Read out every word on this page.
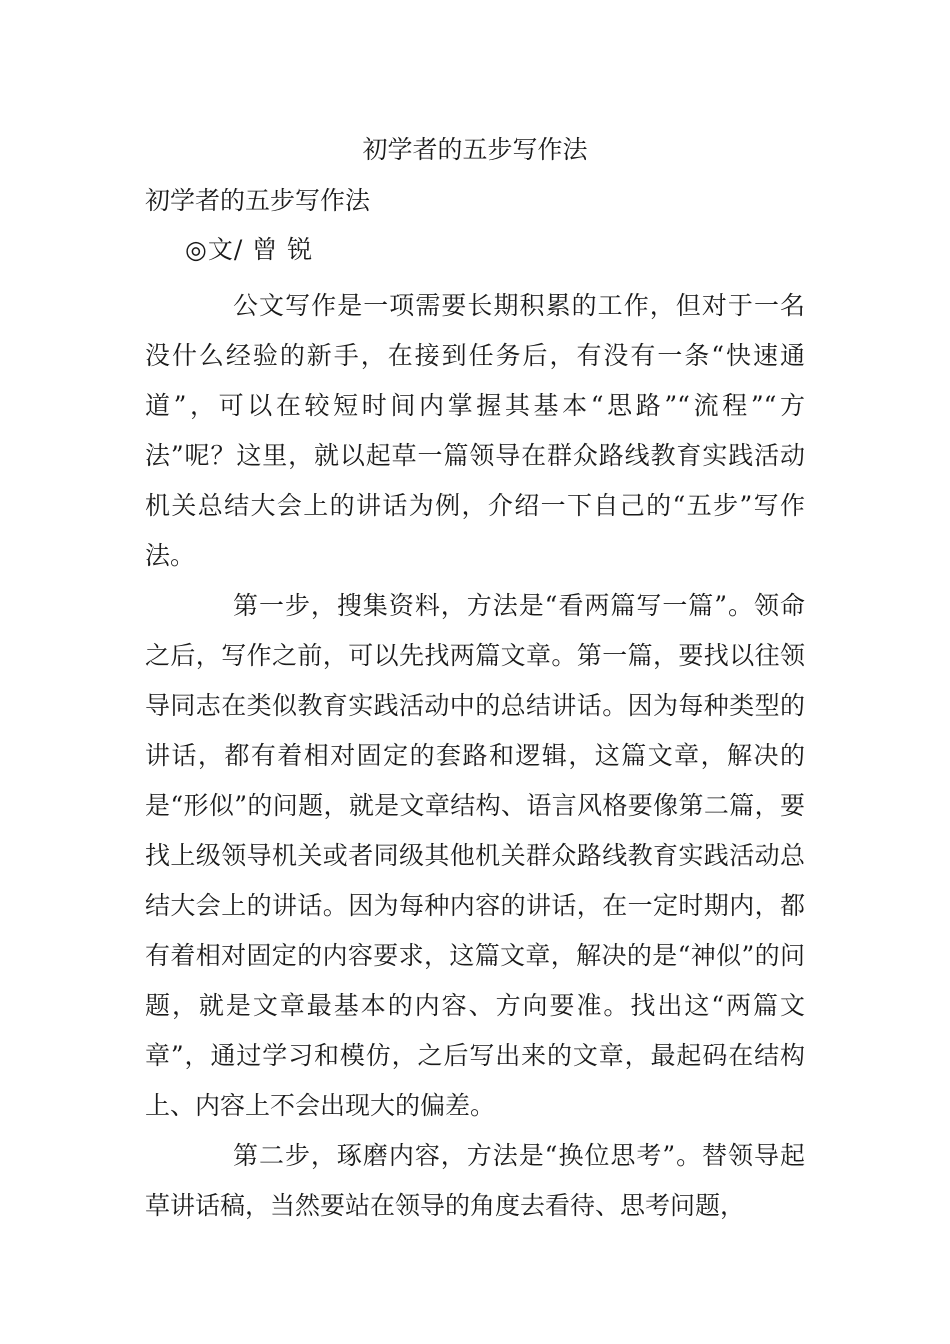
初学者的五步写作法
初学者的五步写作法
◎文/ 曾 锐

公文写作是一项需要长期积累的工作，但对于一名没什么经验的新手，在接到任务后，有没有一条“快速通道”，可以在较短时间内掌握其基本“思路”“流程”“方法”呢？这里，就以起草一篇领导在群众路线教育实践活动机关总结大会上的讲话为例，介绍一下自己的“五步”写作法。

第一步，搜集资料，方法是“看两篇写一篇”。领命之后，写作之前，可以先找两篇文章。第一篇，要找以往领导同志在类似教育实践活动中的总结讲话。因为每种类型的讲话，都有着相对固定的套路和逻辑，这篇文章，解决的是“形似”的问题，就是文章结构、语言风格要像第二篇，要找上级领导机关或者同级其他机关群众路线教育实践活动总结大会上的讲话。因为每种内容的讲话，在一定时期内，都有着相对固定的内容要求，这篇文章，解决的是“神似”的问题，就是文章最基本的内容、方向要准。找出这“两篇文章”，通过学习和模仿，之后写出来的文章，最起码在结构上、内容上不会出现大的偏差。

第二步，琢磨内容，方法是“换位思考”。替领导起草讲话稿，当然要站在领导的角度去看待、思考问题，
